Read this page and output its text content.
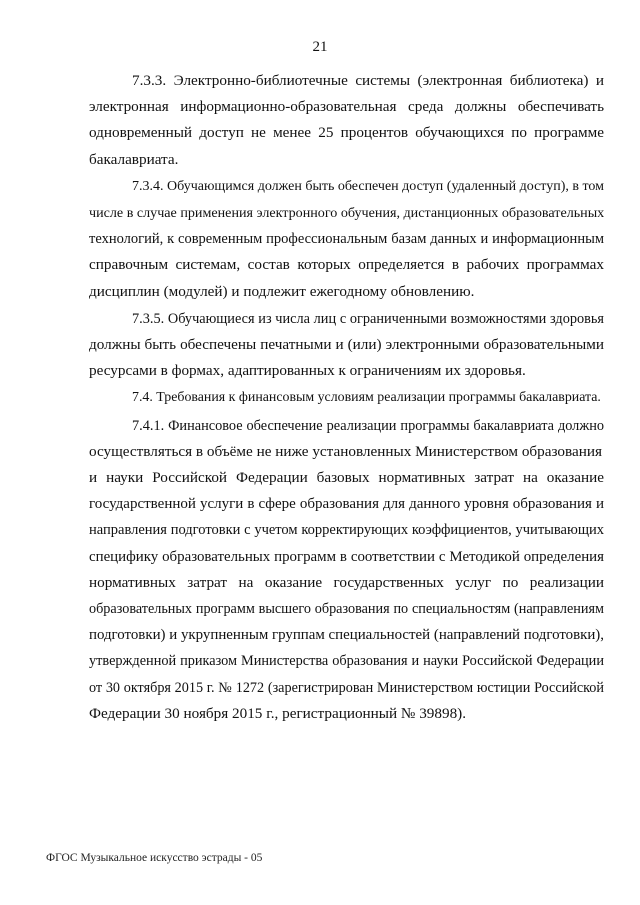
21

7.3.3. Электронно-библиотечные системы (электронная библиотека) и
электронная информационно-образовательная среда должны обеспечивать
одновременный доступ не менее 25 процентов обучающихся по программе
бакалавриата.

7.3.4. Обучающимся должен быть обеспечен доступ (удаленный доступ), в том
числе в случае применения электронного обучения, дистанционных образовательных
технологий, к современным профессиональным базам данных и информационным
справочным системам, состав которых определяется в рабочих программах
дисциплин (модулей) и подлежит ежегодному обновлению.

7.3.5. Обучающиеся из числа лиц с ограниченными возможностями здоровья
должны быть обеспечены печатными и (или) электронными образовательными
ресурсами в формах, адаптированных к ограничениям их здоровья.

7.4. Требования к финансовым условиям реализации программы бакалавриата.

7.4.1. Финансовое обеспечение реализации программы бакалавриата должно
осуществляться в объёме не ниже установленных Министерством образования
и науки Российской Федерации базовых нормативных затрат на оказание
государственной услуги в сфере образования для данного уровня образования и
направления подготовки с учетом корректирующих коэффициентов, учитывающих
специфику образовательных программ в соответствии с Методикой определения
нормативных затрат на оказание государственных услуг по реализации
образовательных программ высшего образования по специальностям (направлениям
подготовки) и укрупненным группам специальностей (направлений подготовки),
утвержденной приказом Министерства образования и науки Российской Федерации
от 30 октября 2015 г. № 1272 (зарегистрирован Министерством юстиции Российской
Федерации 30 ноября 2015 г., регистрационный № 39898).

ФГОС Музыкальное искусство эстрады - 05
